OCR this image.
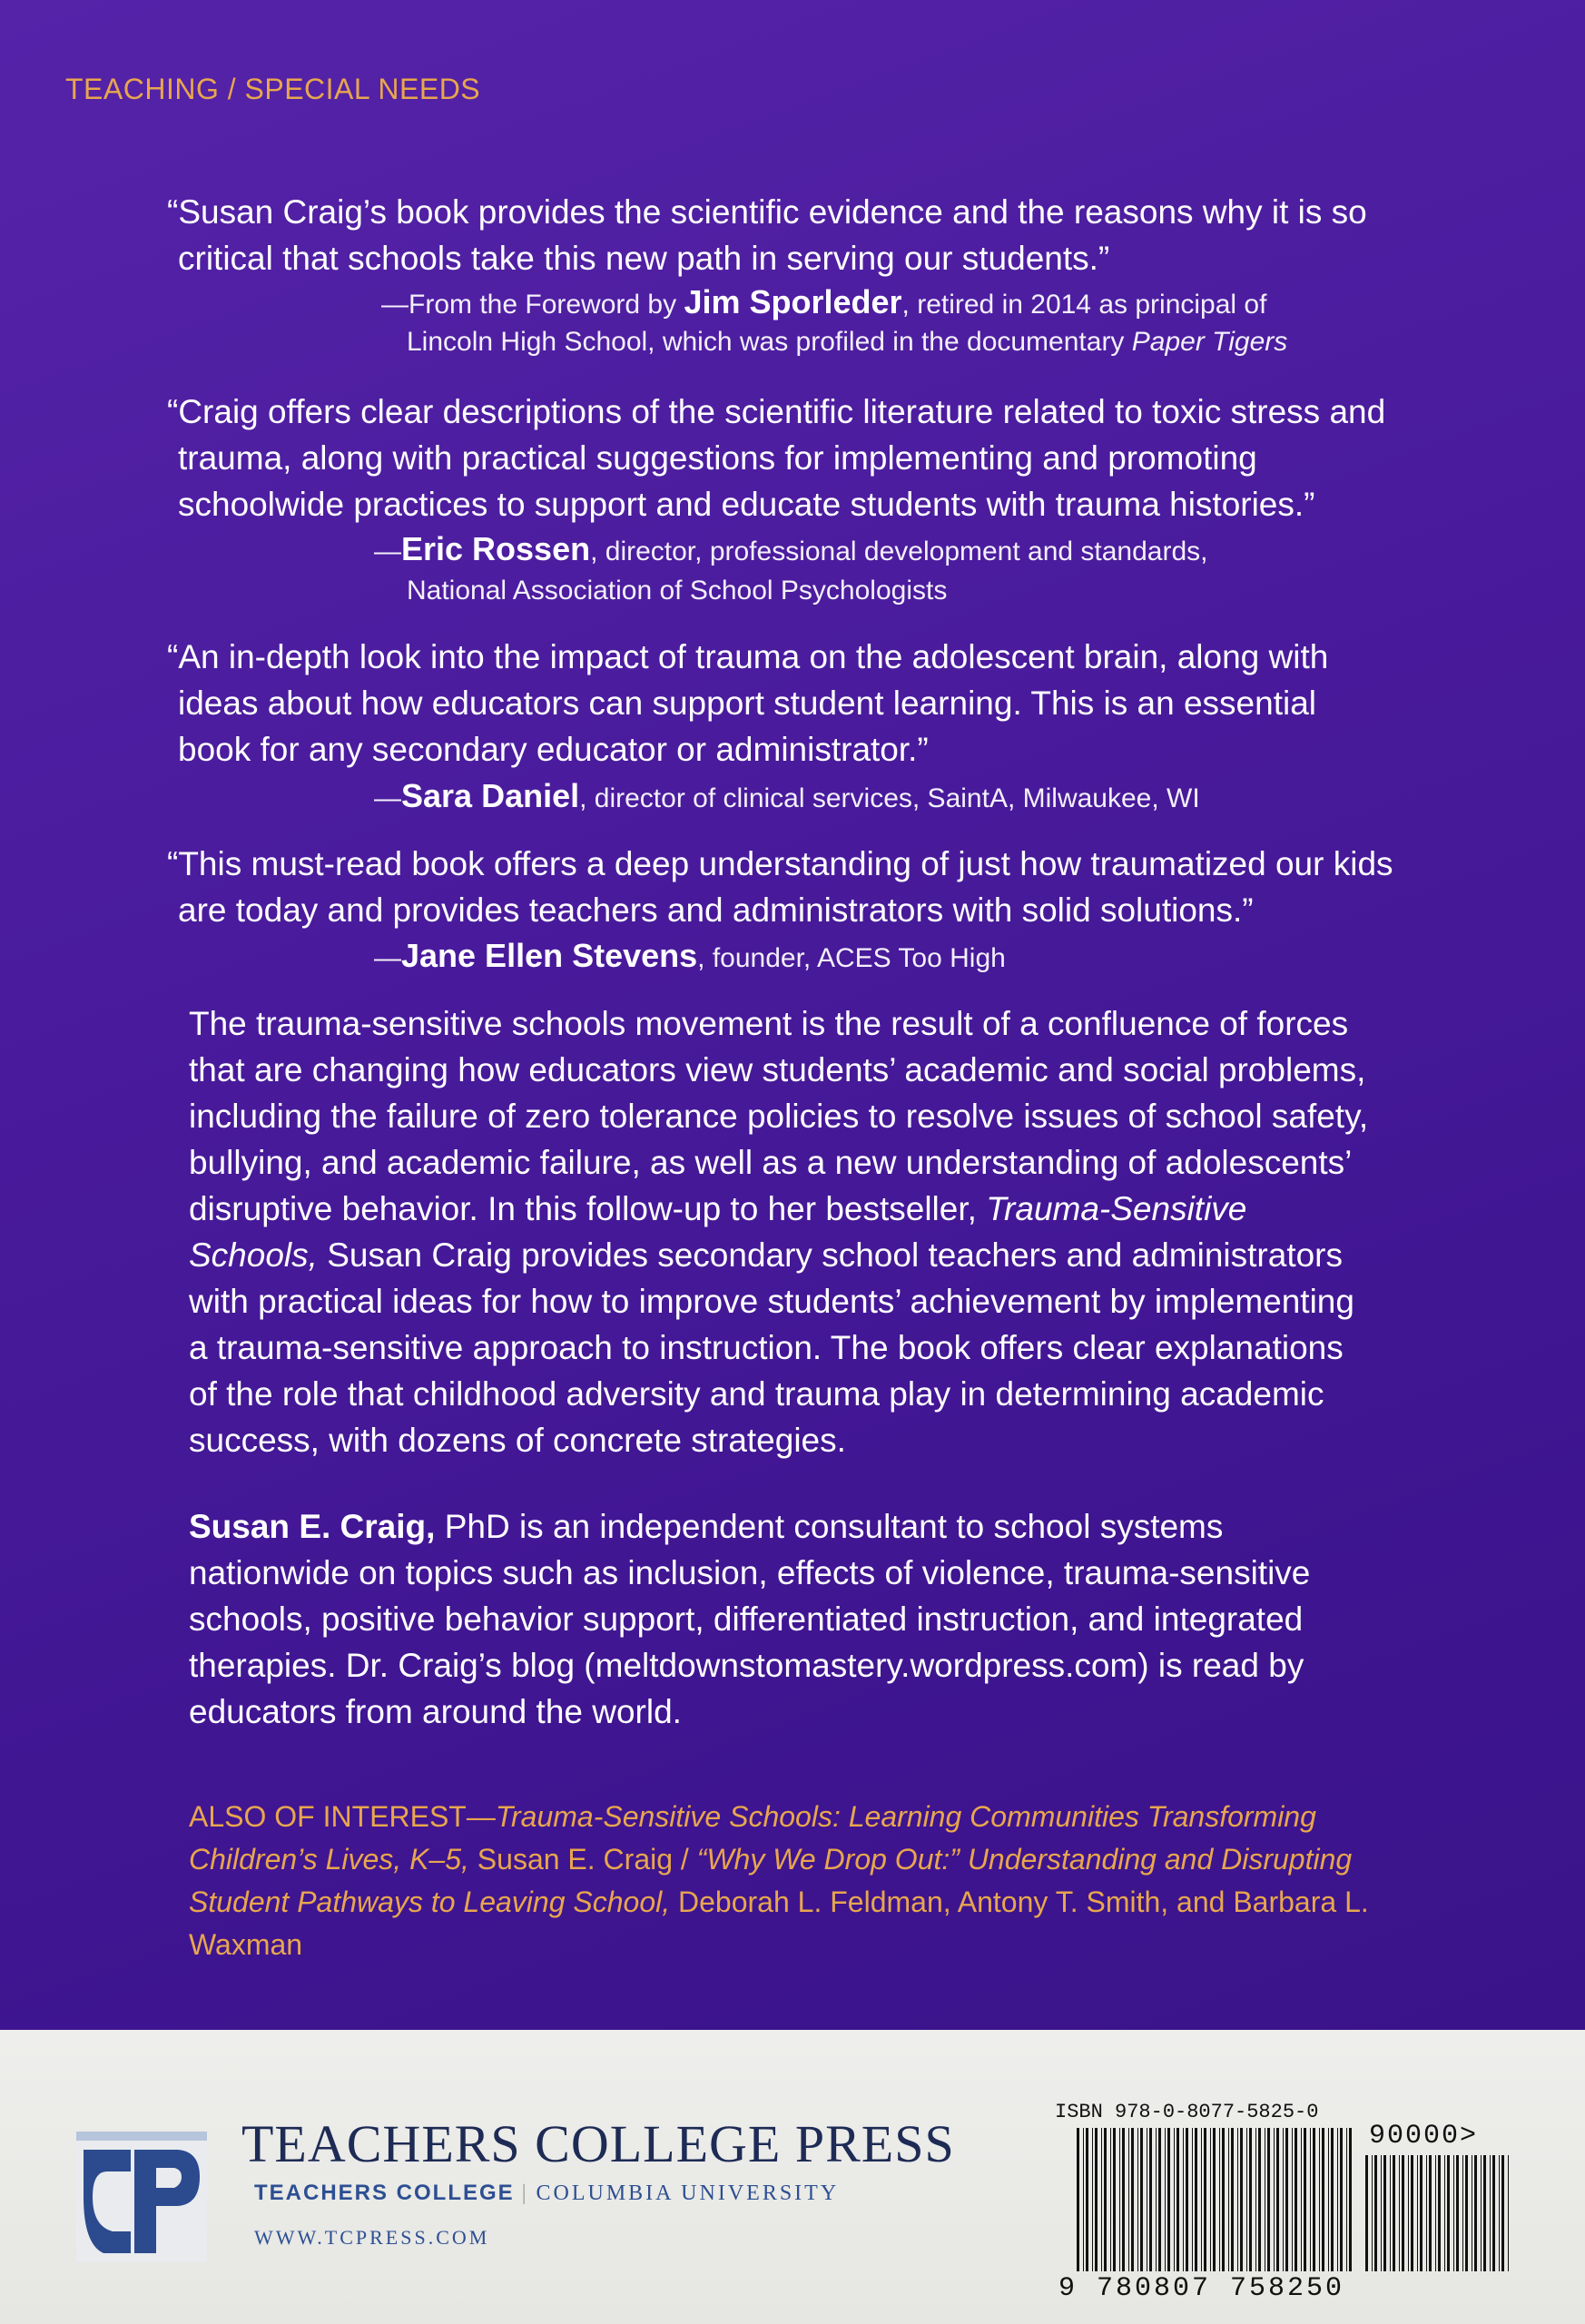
TEACHING / SPECIAL NEEDS
“Susan Craig’s book provides the scientific evidence and the reasons why it is so critical that schools take this new path in serving our students.”
—From the Foreword by Jim Sporleder, retired in 2014 as principal of
Lincoln High School, which was profiled in the documentary Paper Tigers
“Craig offers clear descriptions of the scientific literature related to toxic stress and trauma, along with practical suggestions for implementing and promoting schoolwide practices to support and educate students with trauma histories.”
—Eric Rossen, director, professional development and standards,
National Association of School Psychologists
“An in-depth look into the impact of trauma on the adolescent brain, along with ideas about how educators can support student learning. This is an essential book for any secondary educator or administrator.”
—Sara Daniel, director of clinical services, SaintA, Milwaukee, WI
“This must-read book offers a deep understanding of just how traumatized our kids are today and provides teachers and administrators with solid solutions.”
—Jane Ellen Stevens, founder, ACES Too High
The trauma-sensitive schools movement is the result of a confluence of forces that are changing how educators view students’ academic and social problems, including the failure of zero tolerance policies to resolve issues of school safety, bullying, and academic failure, as well as a new understanding of adolescents’ disruptive behavior. In this follow-up to her bestseller, Trauma-Sensitive Schools, Susan Craig provides secondary school teachers and administrators with practical ideas for how to improve students’ achievement by implementing a trauma-sensitive approach to instruction. The book offers clear explanations of the role that childhood adversity and trauma play in determining academic success, with dozens of concrete strategies.
Susan E. Craig, PhD is an independent consultant to school systems nationwide on topics such as inclusion, effects of violence, trauma-sensitive schools, positive behavior support, differentiated instruction, and integrated therapies. Dr. Craig’s blog (meltdownstomastery.wordpress.com) is read by educators from around the world.
ALSO OF INTEREST—Trauma-Sensitive Schools: Learning Communities Transforming Children’s Lives, K–5, Susan E. Craig / “Why We Drop Out:” Understanding and Disrupting Student Pathways to Leaving School, Deborah L. Feldman, Antony T. Smith, and Barbara L. Waxman
TEACHERS COLLEGE PRESS
TEACHERS COLLEGE | COLUMBIA UNIVERSITY
WWW.TCPRESS.COM
ISBN 978-0-8077-5825-0
90000>
9 780807 758250
